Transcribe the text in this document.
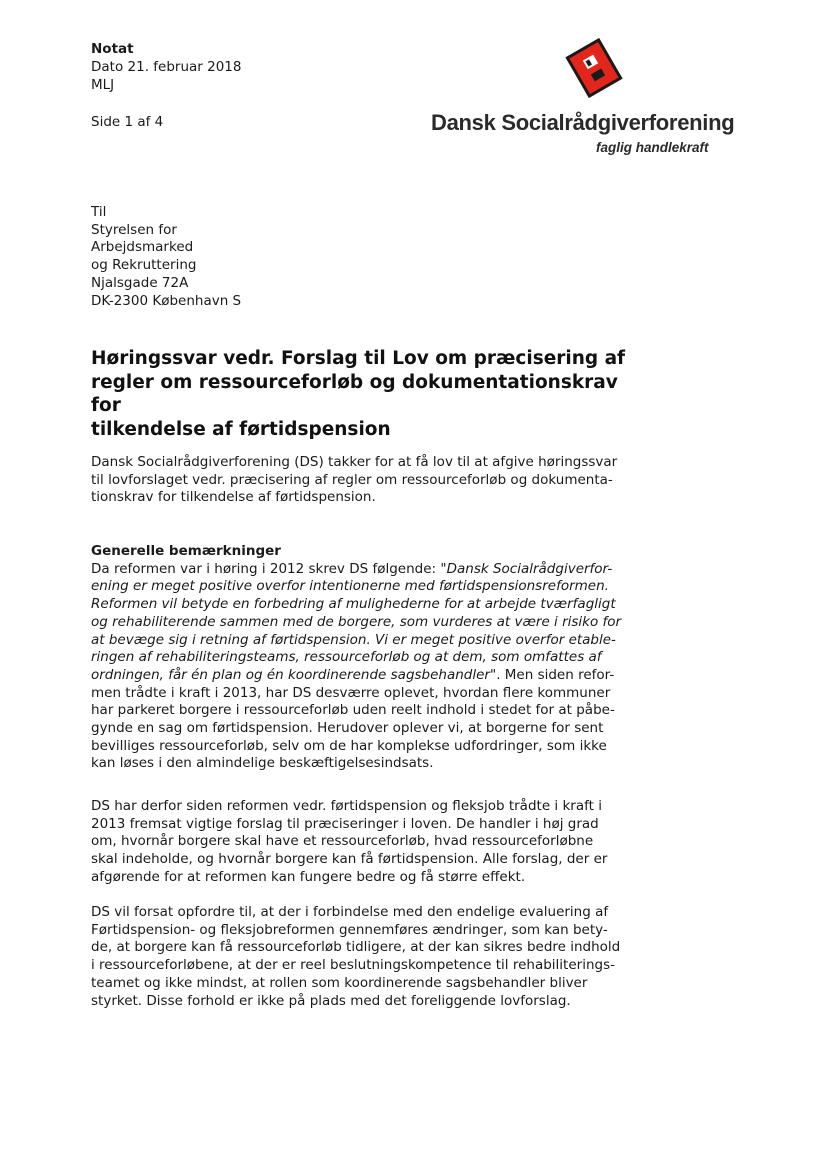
Notat
Dato 21. februar 2018
MLJ
Side 1 af 4	Dansk Socialrådgiverforening
faglig handlekraft
Til
Styrelsen for
Arbejdsmarked
og Rekruttering
Njalsgade 72A
DK-2300 København S
Høringssvar vedr. Forslag til Lov om præcisering af
regler om ressourceforløb og dokumentationskrav for
tilkendelse af førtidspension
Dansk Socialrådgiverforening (DS) takker for at få lov til at afgive høringssvar
til lovforslaget vedr. præcisering af regler om ressourceforløb og dokumenta-
tionskrav for tilkendelse af førtidspension.
Generelle bemærkninger
Da reformen var i høring i 2012 skrev DS følgende: "Dansk Socialrådgiverfor-
ening er meget positive overfor intentionerne med førtidspensionsreformen.
Reformen vil betyde en forbedring af mulighederne for at arbejde tværfagligt
og rehabiliterende sammen med de borgere, som vurderes at være i risiko for
at bevæge sig i retning af førtidspension. Vi er meget positive overfor etable-
ringen af rehabiliteringsteams, ressourceforløb og at dem, som omfattes af
ordningen, får én plan og én koordinerende sagsbehandler". Men siden refor-
men trådte i kraft i 2013, har DS desværre oplevet, hvordan flere kommuner
har parkeret borgere i ressourceforløb uden reelt indhold i stedet for at påbe-
gynde en sag om førtidspension. Herudover oplever vi, at borgerne for sent
bevilliges ressourceforløb, selv om de har komplekse udfordringer, som ikke
kan løses i den almindelige beskæftigelsesindsats.
DS har derfor siden reformen vedr. førtidspension og fleksjob trådte i kraft i
2013 fremsat vigtige forslag til præciseringer i loven. De handler i høj grad
om, hvornår borgere skal have et ressourceforløb, hvad ressourceforløbne
skal indeholde, og hvornår borgere kan få førtidspension. Alle forslag, der er
afgørende for at reformen kan fungere bedre og få større effekt.
DS vil forsat opfordre til, at der i forbindelse med den endelige evaluering af
Førtidspension- og fleksjobreformen gennemføres ændringer, som kan bety-
de, at borgere kan få ressourceforløb tidligere, at der kan sikres bedre indhold
i ressourceforløbene, at der er reel beslutningskompetence til rehabiliterings-
teamet og ikke mindst, at rollen som koordinerende sagsbehandler bliver
styrket. Disse forhold er ikke på plads med det foreliggende lovforslag.
